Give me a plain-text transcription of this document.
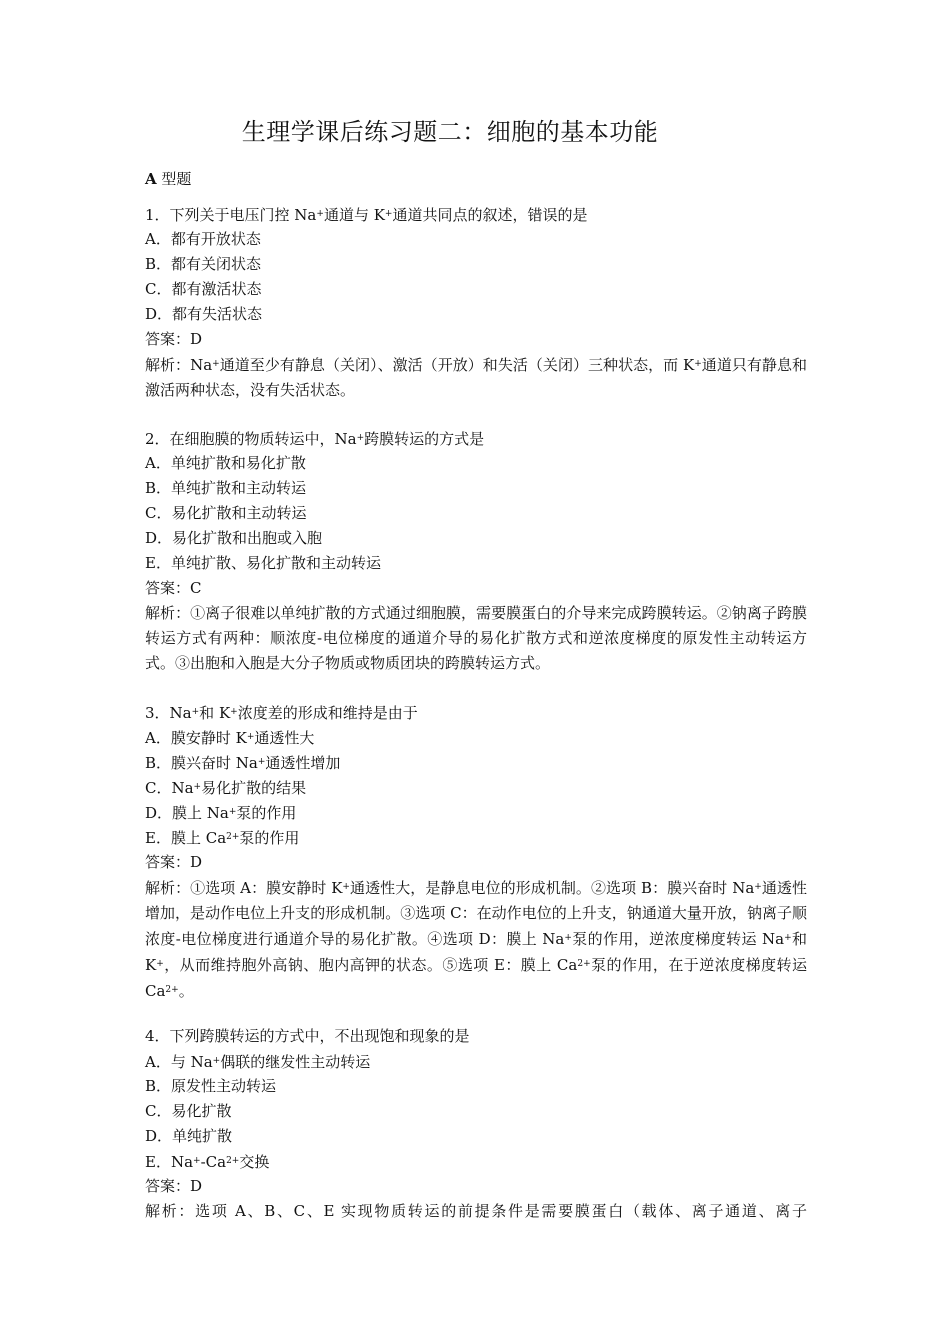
生理学课后练习题二：细胞的基本功能
A 型题
1．下列关于电压门控 Na+通道与 K+通道共同点的叙述，错误的是
A．都有开放状态
B．都有关闭状态
C．都有激活状态
D．都有失活状态
答案：D
解析：Na+通道至少有静息（关闭）、激活（开放）和失活（关闭）三种状态，而 K+通道只有静息和激活两种状态，没有失活状态。
2．在细胞膜的物质转运中，Na+跨膜转运的方式是
A．单纯扩散和易化扩散
B．单纯扩散和主动转运
C．易化扩散和主动转运
D．易化扩散和出胞或入胞
E．单纯扩散、易化扩散和主动转运
答案：C
解析：①离子很难以单纯扩散的方式通过细胞膜，需要膜蛋白的介导来完成跨膜转运。②钠离子跨膜转运方式有两种：顺浓度-电位梯度的通道介导的易化扩散方式和逆浓度梯度的原发性主动转运方式。③出胞和入胞是大分子物质或物质团块的跨膜转运方式。
3．Na+和 K+浓度差的形成和维持是由于
A．膜安静时 K+通透性大
B．膜兴奋时 Na+通透性增加
C．Na+易化扩散的结果
D．膜上 Na+泵的作用
E．膜上 $Ca^{2+}$泵的作用
答案：D
解析：①选项 A：膜安静时 K+通透性大，是静息电位的形成机制。②选项 B：膜兴奋时 Na+通透性增加，是动作电位上升支的形成机制。③选项 C：在动作电位的上升支，钠通道大量开放，钠离子顺浓度-电位梯度进行通道介导的易化扩散。④选项 D：膜上 Na+泵的作用，逆浓度梯度转运 Na+和 K+，从而维持胞外高钠、胞内高钾的状态。⑤选项 E：膜上 $Ca^{2+}$泵的作用，在于逆浓度梯度转运 $Ca^{2+}$。
4．下列跨膜转运的方式中，不出现饱和现象的是
A．与 Na+偶联的继发性主动转运
B．原发性主动转运
C．易化扩散
D．单纯扩散
E．$Na^+-Ca^{2+}$交换
答案：D
解析：选项 A、B、C、E 实现物质转运的前提条件是需要膜蛋白（载体、离子通道、离子
